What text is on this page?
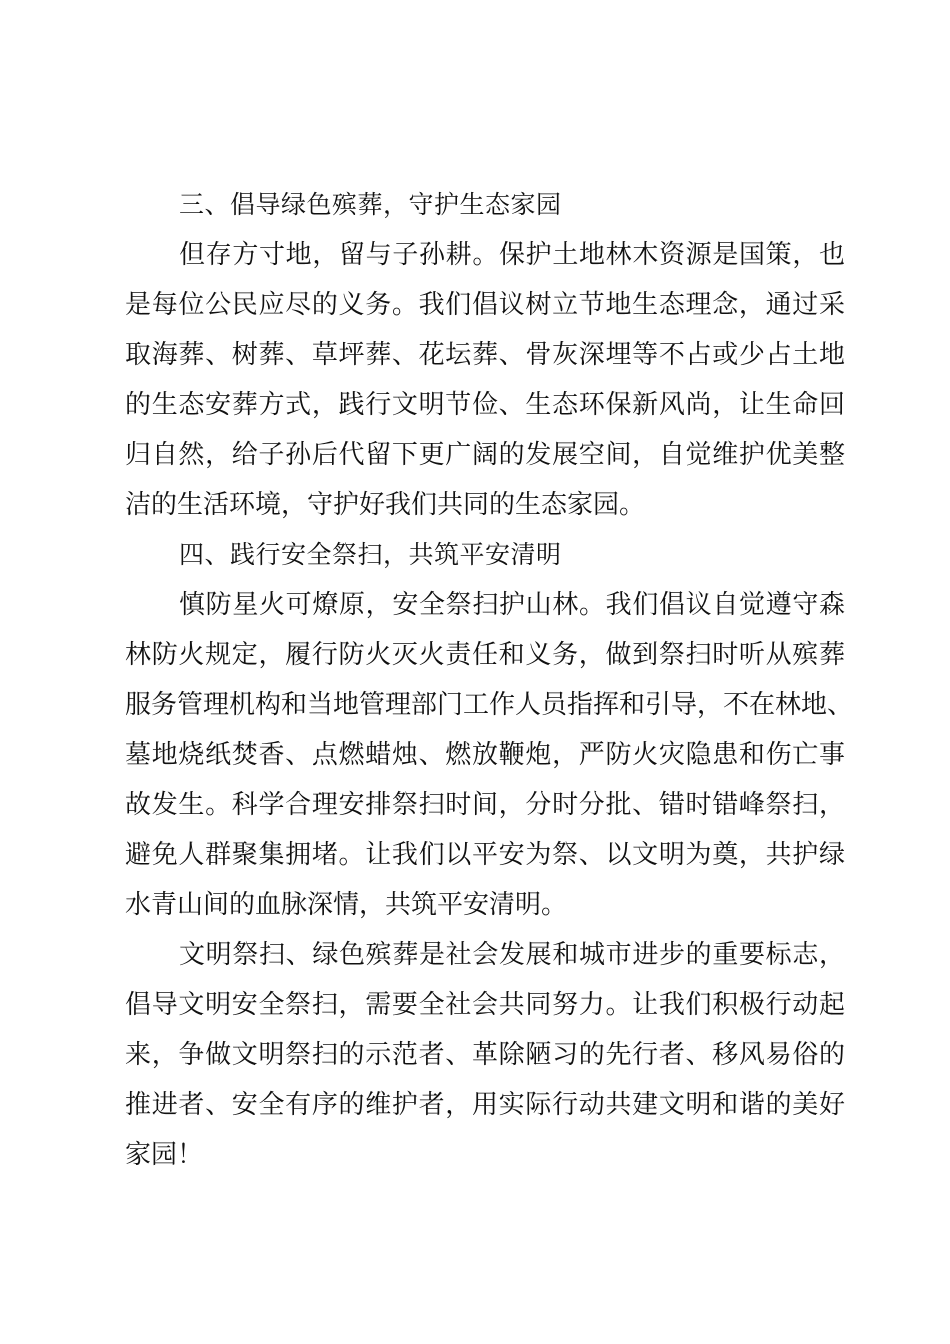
三、倡导绿色殡葬，守护生态家园
但存方寸地，留与子孙耕。保护土地林木资源是国策，也
是每位公民应尽的义务。我们倡议树立节地生态理念，通过采
取海葬、树葬、草坪葬、花坛葬、骨灰深埋等不占或少占土地
的生态安葬方式，践行文明节俭、生态环保新风尚，让生命回
归自然，给子孙后代留下更广阔的发展空间，自觉维护优美整
洁的生活环境，守护好我们共同的生态家园。
四、践行安全祭扫，共筑平安清明
慎防星火可燎原，安全祭扫护山林。我们倡议自觉遵守森
林防火规定，履行防火灭火责任和义务，做到祭扫时听从殡葬
服务管理机构和当地管理部门工作人员指挥和引导，不在林地、
墓地烧纸焚香、点燃蜡烛、燃放鞭炮，严防火灾隐患和伤亡事
故发生。科学合理安排祭扫时间，分时分批、错时错峰祭扫，
避免人群聚集拥堵。让我们以平安为祭、以文明为奠，共护绿
水青山间的血脉深情，共筑平安清明。
文明祭扫、绿色殡葬是社会发展和城市进步的重要标志，
倡导文明安全祭扫，需要全社会共同努力。让我们积极行动起
来，争做文明祭扫的示范者、革除陋习的先行者、移风易俗的
推进者、安全有序的维护者，用实际行动共建文明和谐的美好
家园！
